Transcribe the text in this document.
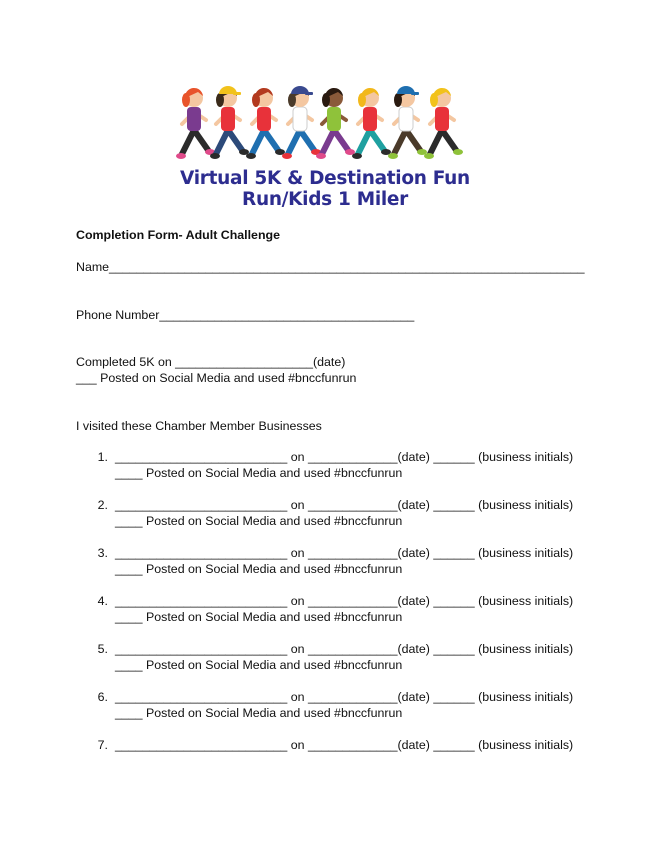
Virtual 5K & Destination Fun
Run/Kids 1 Miler
Completion Form- Adult Challenge
Name_____________________________________________________________________
Phone Number_____________________________________
Completed 5K on ____________________(date)
___ Posted on Social Media and used #bnccfunrun
I visited these Chamber Member Businesses
1. _________________________ on _____________(date) ______ (business initials)
____ Posted on Social Media and used #bnccfunrun
2. _________________________ on _____________(date) ______ (business initials)
____ Posted on Social Media and used #bnccfunrun
3. _________________________ on _____________(date) ______ (business initials)
____ Posted on Social Media and used #bnccfunrun
4. _________________________ on _____________(date) ______ (business initials)
____ Posted on Social Media and used #bnccfunrun
5. _________________________ on _____________(date) ______ (business initials)
____ Posted on Social Media and used #bnccfunrun
6. _________________________ on _____________(date) ______ (business initials)
____ Posted on Social Media and used #bnccfunrun
7. _________________________ on _____________(date) ______ (business initials)
